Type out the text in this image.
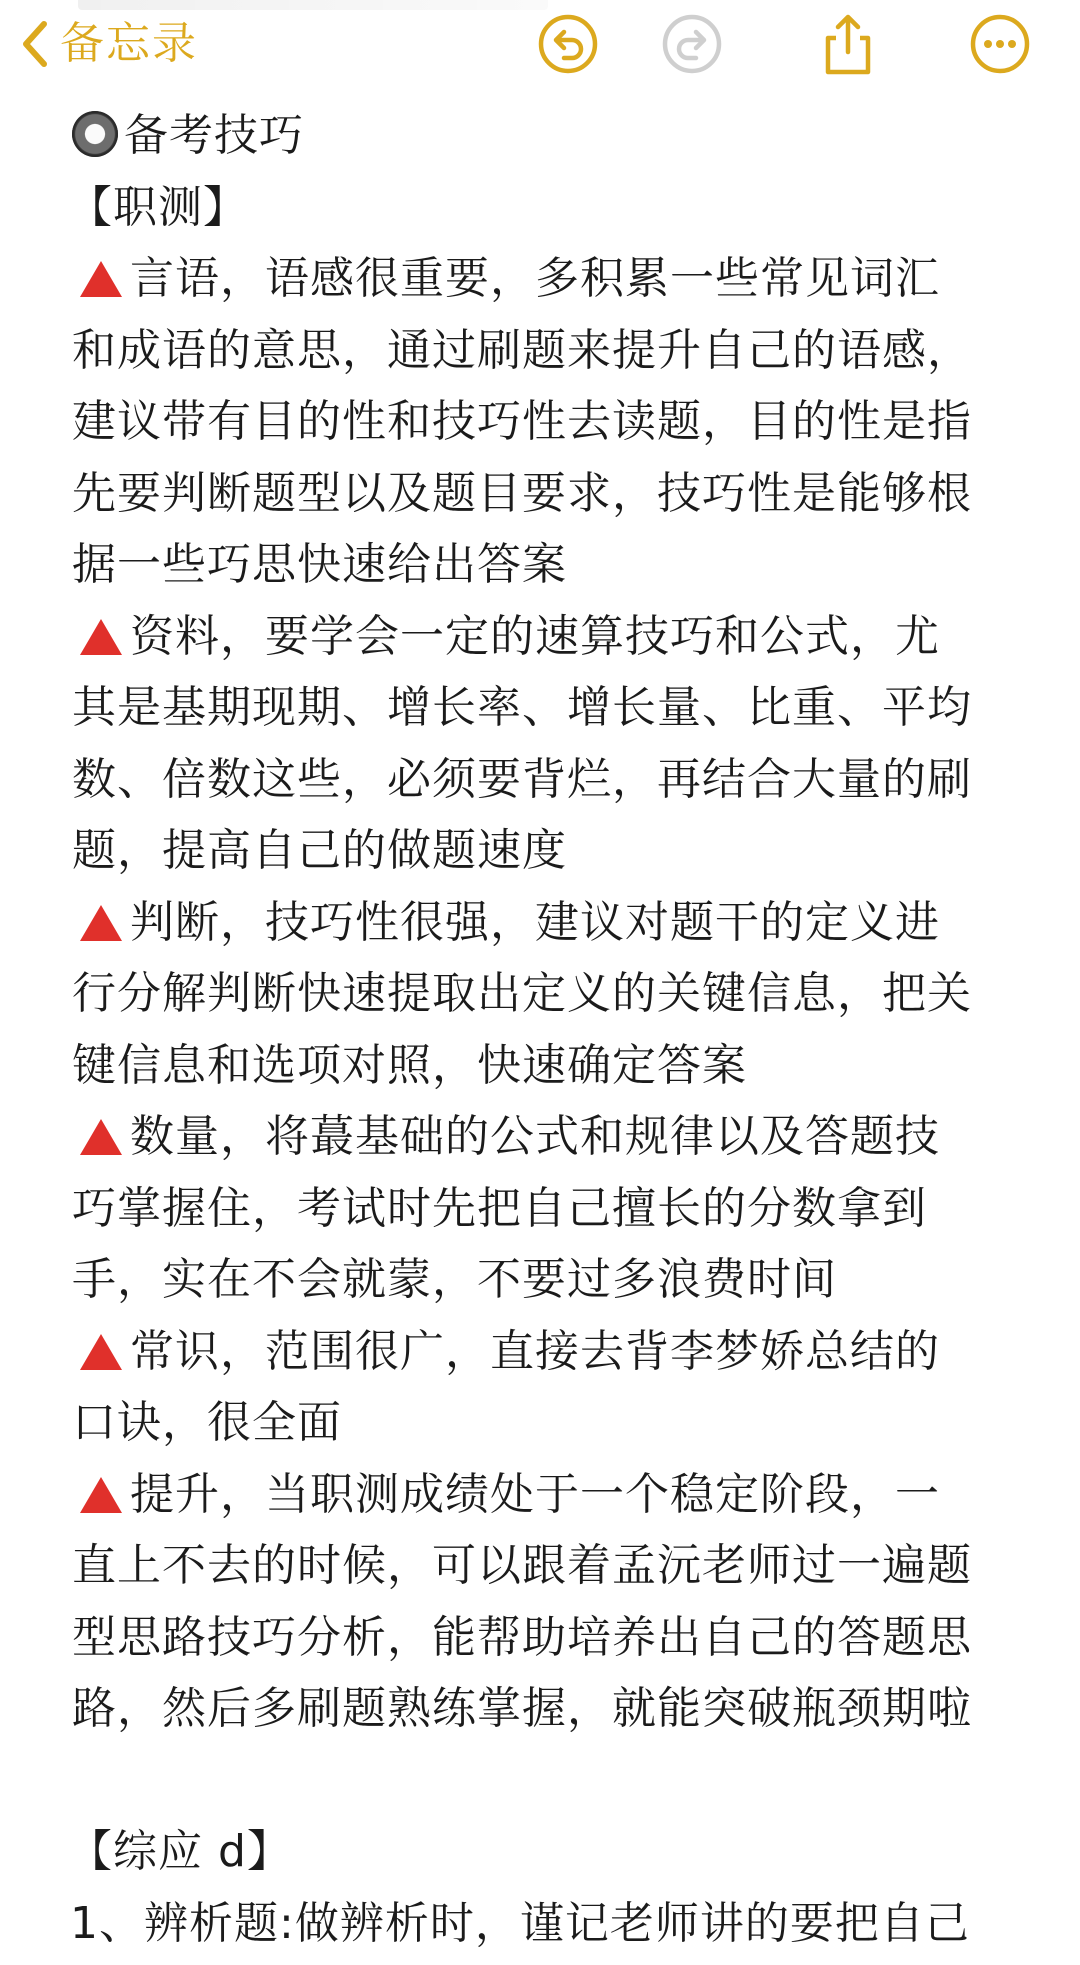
备忘录
备考技巧
【职测】
言语，语感很重要，多积累一些常见词汇
和成语的意思，通过刷题来提升自己的语感，
建议带有目的性和技巧性去读题，目的性是指
先要判断题型以及题目要求，技巧性是能够根
据一些巧思快速给出答案
资料，要学会一定的速算技巧和公式，尤
其是基期现期、增长率、增长量、比重、平均
数、倍数这些，必须要背烂，再结合大量的刷
题，提高自己的做题速度
判断，技巧性很强，建议对题干的定义进
行分解判断快速提取出定义的关键信息，把关
键信息和选项对照，快速确定答案
数量，将蕞基础的公式和规律以及答题技
巧掌握住，考试时先把自己擅长的分数拿到
手，实在不会就蒙，不要过多浪费时间
常识，范围很广，直接去背李梦娇总结的
口诀，很全面
提升，当职测成绩处于一个稳定阶段，一
直上不去的时候，可以跟着孟沅老师过一遍题
型思路技巧分析，能帮助培养出自己的答题思
路，然后多刷题熟练掌握，就能突破瓶颈期啦
【综应 d】
1、辨析题:做辨析时，谨记老师讲的要把自己
